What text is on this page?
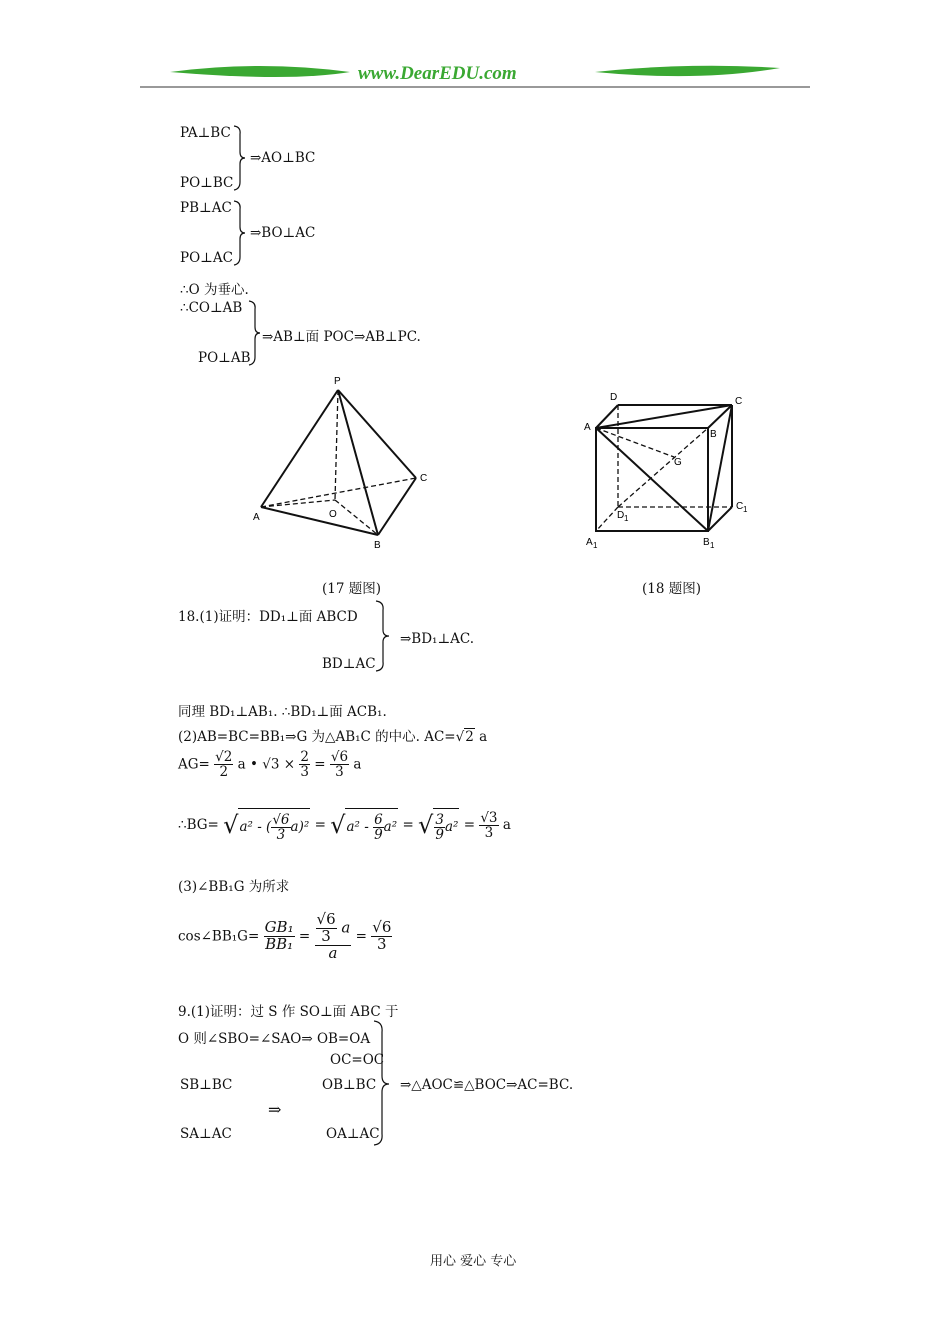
www.DearEDU.com
PA⊥BC
PO⊥BC
⇒AO⊥BC
PB⊥AC
PO⊥AC
⇒BO⊥AC
∴O 为垂心.
∴CO⊥AB
PO⊥AB
⇒AB⊥面 POC⇒AB⊥PC.
P
A
B
C
O
D	C
A
B
G
D 1
C 1
A 1	B 1
(17 题图)	(18 题图)
18.(1)证明：DD₁⊥面 ABCD
BD⊥AC
⇒BD₁⊥AC.
同理 BD₁⊥AB₁. ∴BD₁⊥面 ACB₁.
(2)AB=BC=BB₁⇒G 为△AB₁C 的中心. AC=√2 a
$AG= \frac{√2}{2}$ a • $√3 \times \frac{2}{3} = \frac{√6}{3}$ a
∴BG= √a² - ( $\frac{√6}{3} a)^2 = √a^2 - \frac{6}{9} a^2$ = √ $\frac{3}{9} a^2 = \frac{√3}{3}$ a
(3)∠BB₁G 为所求
cos∠BB₁G= $\frac{\text{GB₁}}{\text{BB₁}} = \frac{\frac{√6}{3} a}{a} = \frac{√6}{3}$
9.(1)证明：过 S 作 SO⊥面 ABC 于
O 则∠SBO=∠SAO⇒ OB=OA
OC=OC
SB⊥BC	OB⊥BC ⇒△AOC≌△BOC⇒AC=BC.
⇒
SA⊥AC	OA⊥AC
用心 爱心 专心
